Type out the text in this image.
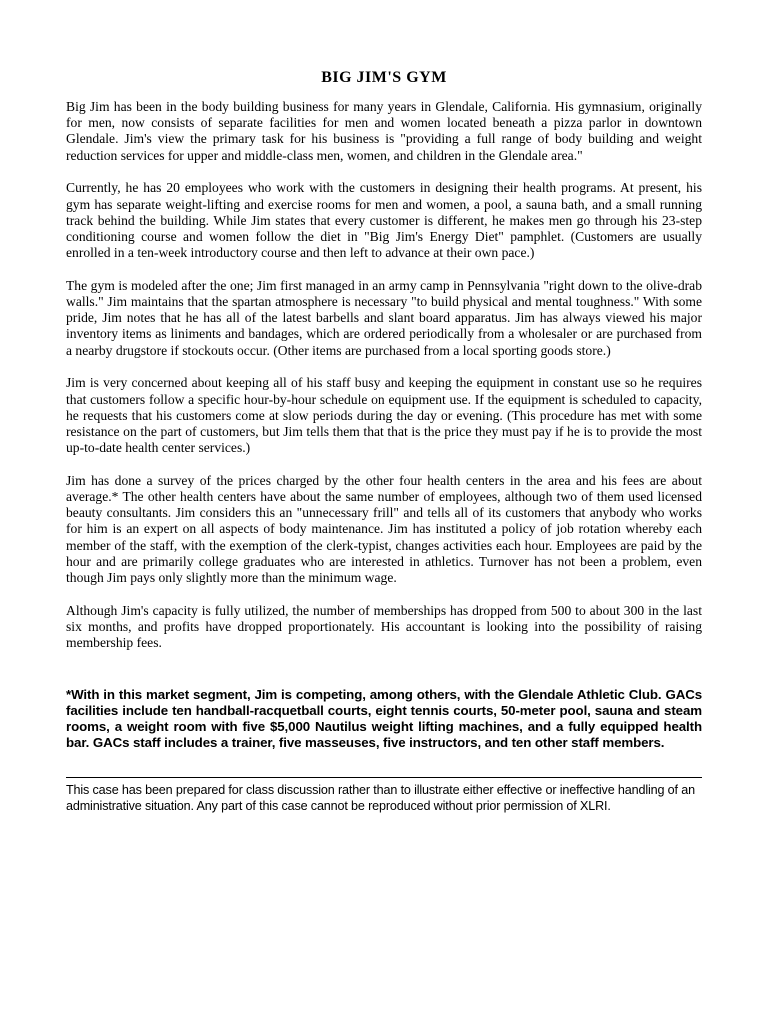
BIG JIM'S GYM

Big Jim has been in the body building business for many years in Glendale, California. His gymnasium, originally for men, now consists of separate facilities for men and women located beneath a pizza parlor in downtown Glendale. Jim's view the primary task for his business is "providing a full range of body building and weight reduction services for upper and middle-class men, women, and children in the Glendale area."

Currently, he has 20 employees who work with the customers in designing their health programs. At present, his gym has separate weight-lifting and exercise rooms for men and women, a pool, a sauna bath, and a small running track behind the building. While Jim states that every customer is different, he makes men go through his 23-step conditioning course and women follow the diet in "Big Jim's Energy Diet" pamphlet. (Customers are usually enrolled in a ten-week introductory course and then left to advance at their own pace.)

The gym is modeled after the one; Jim first managed in an army camp in Pennsylvania "right down to the olive-drab walls." Jim maintains that the spartan atmosphere is necessary "to build physical and mental toughness." With some pride, Jim notes that he has all of the latest barbells and slant board apparatus. Jim has always viewed his major inventory items as liniments and bandages, which are ordered periodically from a wholesaler or are purchased from a nearby drugstore if stockouts occur. (Other items are purchased from a local sporting goods store.)

Jim is very concerned about keeping all of his staff busy and keeping the equipment in constant use so he requires that customers follow a specific hour-by-hour schedule on equipment use. If the equipment is scheduled to capacity, he requests that his customers come at slow periods during the day or evening. (This procedure has met with some resistance on the part of customers, but Jim tells them that that is the price they must pay if he is to provide the most up-to-date health center services.)

Jim has done a survey of the prices charged by the other four health centers in the area and his fees are about average.* The other health centers have about the same number of employees, although two of them used licensed beauty consultants. Jim considers this an "unnecessary frill" and tells all of its customers that anybody who works for him is an expert on all aspects of body maintenance. Jim has instituted a policy of job rotation whereby each member of the staff, with the exemption of the clerk-typist, changes activities each hour. Employees are paid by the hour and are primarily college graduates who are interested in athletics. Turnover has not been a problem, even though Jim pays only slightly more than the minimum wage.

Although Jim's capacity is fully utilized, the number of memberships has dropped from 500 to about 300 in the last six months, and profits have dropped proportionately. His accountant is looking into the possibility of raising membership fees.

*With in this market segment, Jim is competing, among others, with the Glendale Athletic Club. GACs facilities include ten handball-racquetball courts, eight tennis courts, 50-meter pool, sauna and steam rooms, a weight room with five $5,000 Nautilus weight lifting machines, and a fully equipped health bar. GACs staff includes a trainer, five masseuses, five instructors, and ten other staff members.

This case has been prepared for class discussion rather than to illustrate either effective or ineffective handling of an administrative situation. Any part of this case cannot be reproduced without prior permission of XLRI.
